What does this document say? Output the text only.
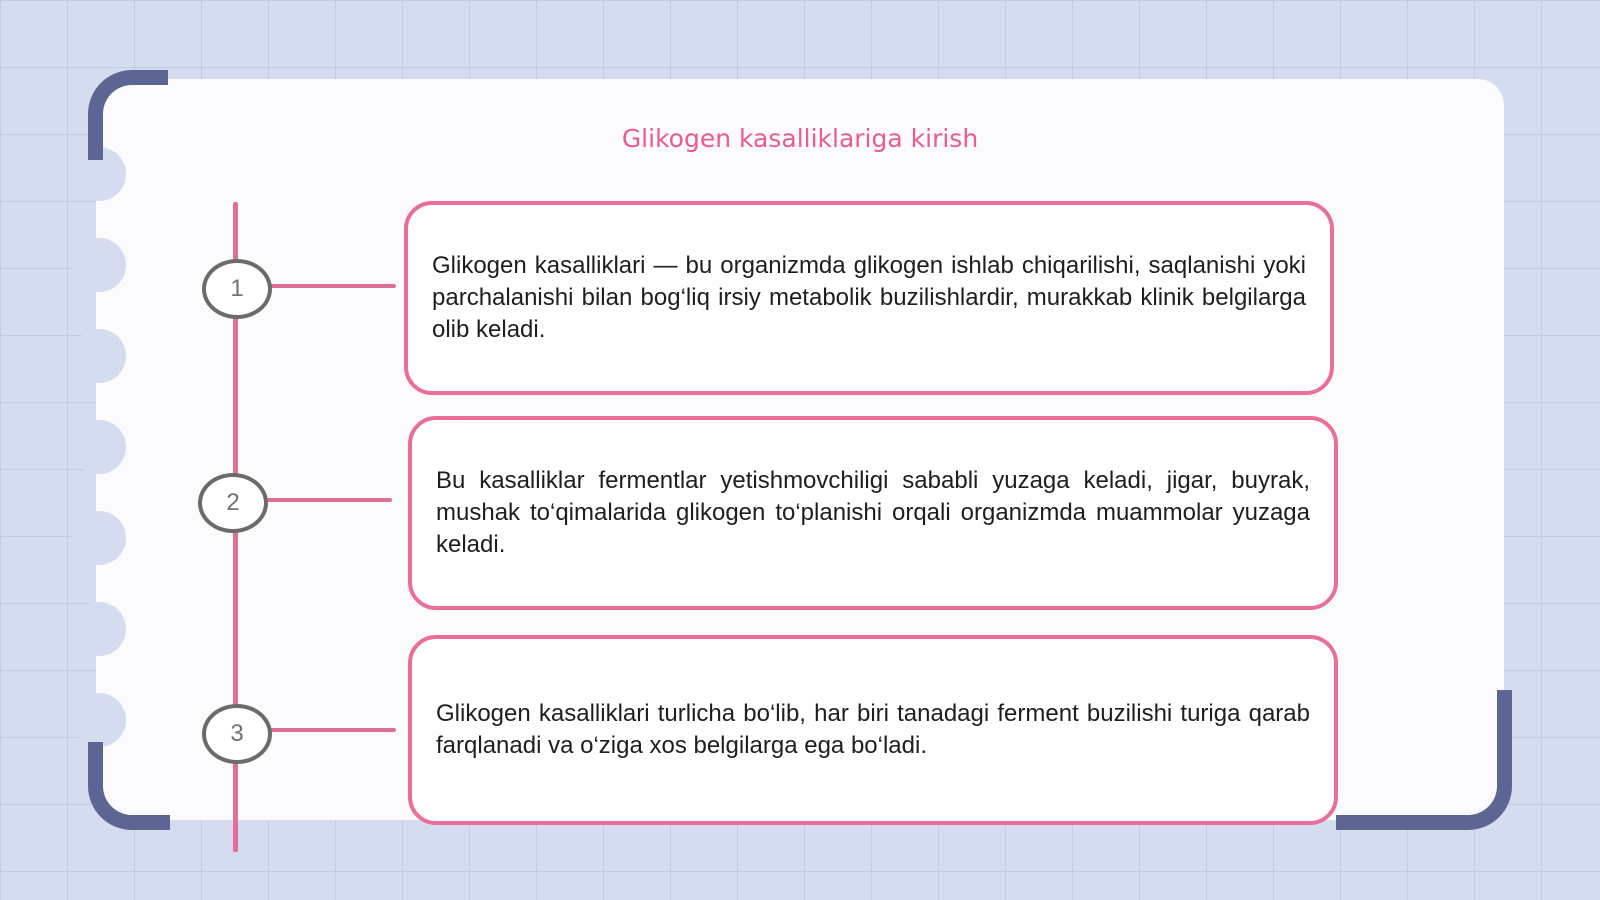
Glikogen kasalliklariga kirish
1
2
3
Glikogen kasalliklari — bu organizmda glikogen ishlab chiqarilishi, saqlanishi yoki parchalanishi bilan bog‘liq irsiy metabolik buzilishlardir, murakkab klinik belgilarga olib keladi.
Bu kasalliklar fermentlar yetishmovchiligi sababli yuzaga keladi, jigar, buyrak, mushak to‘qimalarida glikogen to‘planishi orqali organizmda muammolar yuzaga keladi.
Glikogen kasalliklari turlicha bo‘lib, har biri tanadagi ferment buzilishi turiga qarab farqlanadi va o‘ziga xos belgilarga ega bo‘ladi.
